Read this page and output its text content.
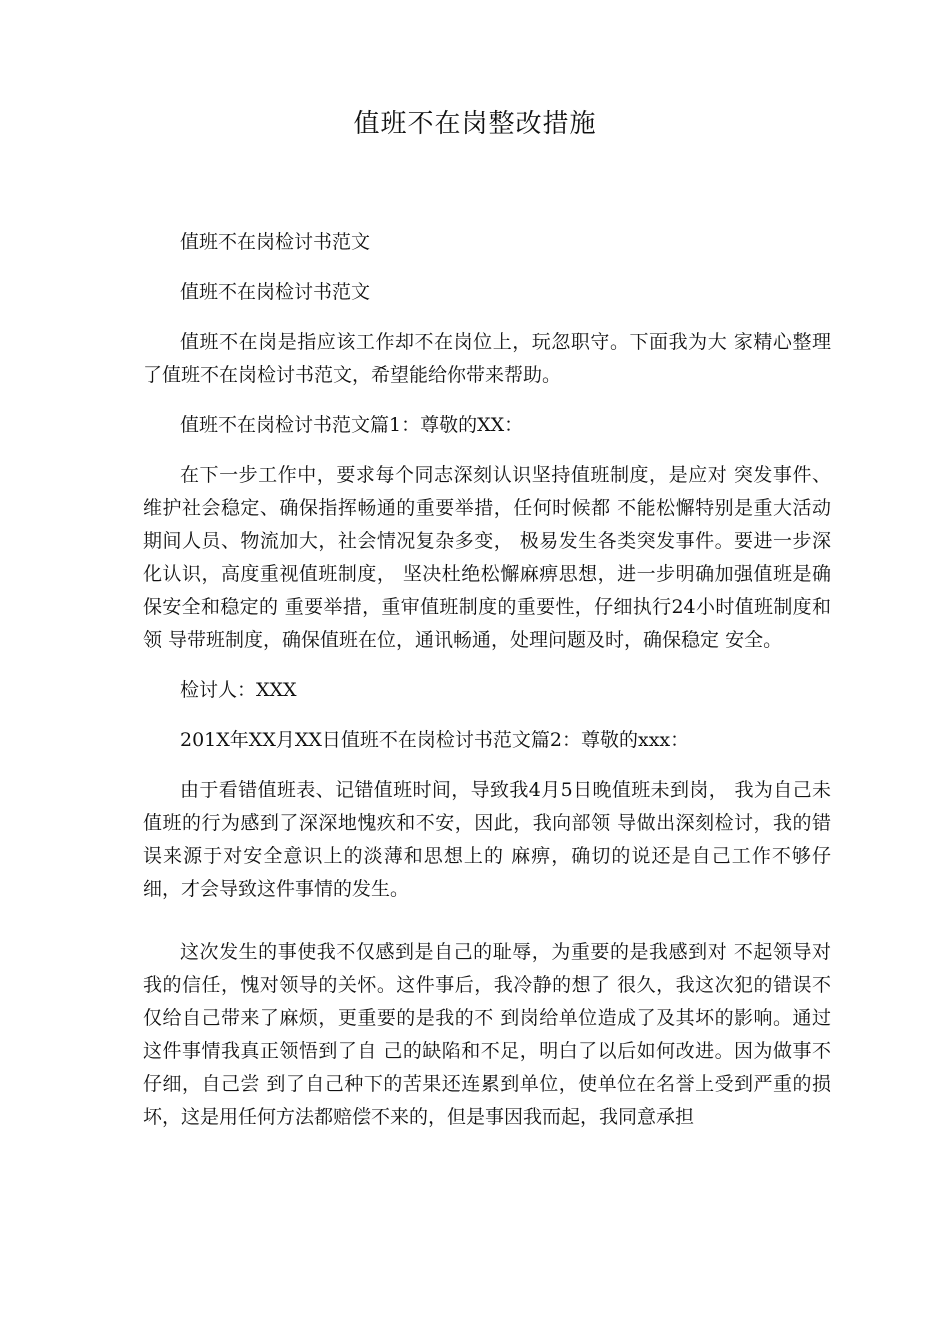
值班不在岗整改措施

值班不在岗检讨书范文

值班不在岗检讨书范文

值班不在岗是指应该工作却不在岗位上，玩忽职守。下面我为大 家精心整理了值班不在岗检讨书范文，希望能给你带来帮助。

值班不在岗检讨书范文篇1：尊敬的XX：

在下一步工作中，要求每个同志深刻认识坚持值班制度，是应对 突发事件、维护社会稳定、确保指挥畅通的重要举措，任何时候都 不能松懈特别是重大活动期间人员、物流加大，社会情况复杂多变， 极易发生各类突发事件。要进一步深化认识，高度重视值班制度， 坚决杜绝松懈麻痹思想，进一步明确加强值班是确保安全和稳定的 重要举措，重审值班制度的重要性，仔细执行24小时值班制度和领 导带班制度，确保值班在位，通讯畅通，处理问题及时，确保稳定 安全。

检讨人：XXX

201X年XX月XX日值班不在岗检讨书范文篇2：尊敬的xxx：

由于看错值班表、记错值班时间，导致我4月5日晚值班未到岗， 我为自己未值班的行为感到了深深地愧疚和不安，因此，我向部领 导做出深刻检讨，我的错误来源于对安全意识上的淡薄和思想上的 麻痹，确切的说还是自己工作不够仔细，才会导致这件事情的发生。

这次发生的事使我不仅感到是自己的耻辱，为重要的是我感到对 不起领导对我的信任，愧对领导的关怀。这件事后，我冷静的想了 很久，我这次犯的错误不仅给自己带来了麻烦，更重要的是我的不 到岗给单位造成了及其坏的影响。通过这件事情我真正领悟到了自 己的缺陷和不足，明白了以后如何改进。因为做事不仔细，自己尝 到了自己种下的苦果还连累到单位，使单位在名誉上受到严重的损 坏，这是用任何方法都赔偿不来的，但是事因我而起，我同意承担
